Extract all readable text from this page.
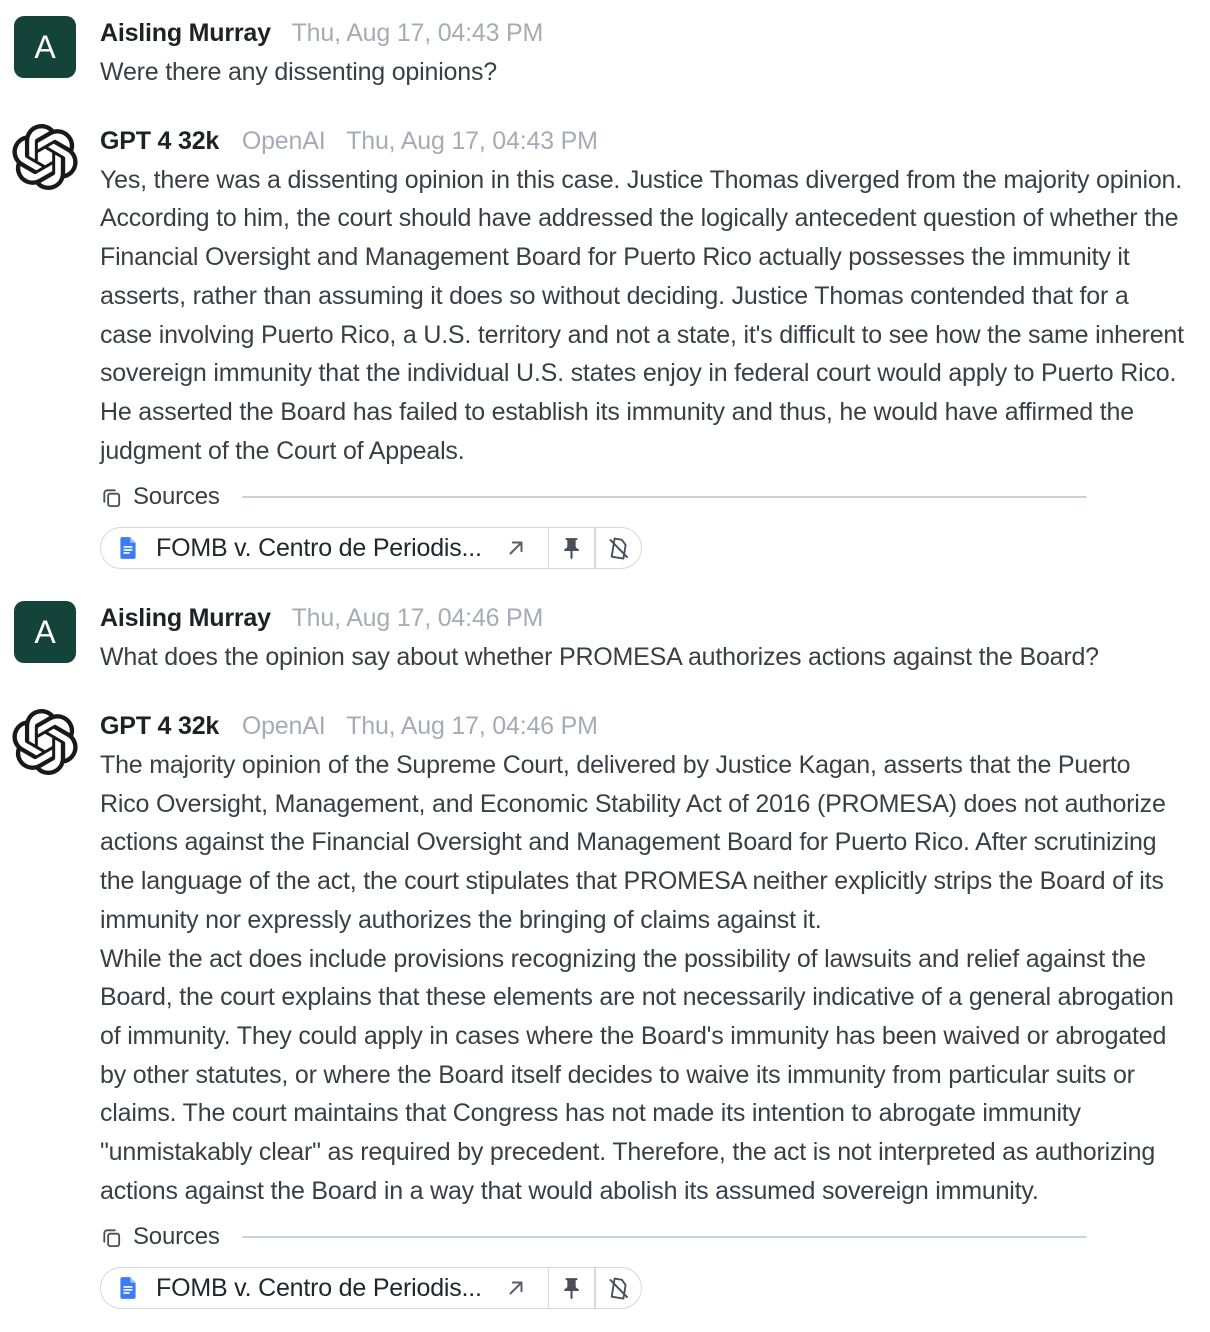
A	Aisling Murray Thu, Aug 17, 04:43 PM

Were there any dissenting opinions?

GPT 4 32k OpenAI Thu, Aug 17, 04:43 PM

Yes, there was a dissenting opinion in this case. Justice Thomas diverged from the majority opinion. According to him, the court should have addressed the logically antecedent question of whether the Financial Oversight and Management Board for Puerto Rico actually possesses the immunity it asserts, rather than assuming it does so without deciding. Justice Thomas contended that for a case involving Puerto Rico, a U.S. territory and not a state, it's difficult to see how the same inherent sovereign immunity that the individual U.S. states enjoy in federal court would apply to Puerto Rico. He asserted the Board has failed to establish its immunity and thus, he would have affirmed the judgment of the Court of Appeals.

Sources
FOMB v. Centro de Periodis...
A	Aisling Murray Thu, Aug 17, 04:46 PM

What does the opinion say about whether PROMESA authorizes actions against the Board?

GPT 4 32k OpenAI Thu, Aug 17, 04:46 PM

The majority opinion of the Supreme Court, delivered by Justice Kagan, asserts that the Puerto Rico Oversight, Management, and Economic Stability Act of 2016 (PROMESA) does not authorize actions against the Financial Oversight and Management Board for Puerto Rico. After scrutinizing the language of the act, the court stipulates that PROMESA neither explicitly strips the Board of its immunity nor expressly authorizes the bringing of claims against it.

While the act does include provisions recognizing the possibility of lawsuits and relief against the Board, the court explains that these elements are not necessarily indicative of a general abrogation of immunity. They could apply in cases where the Board's immunity has been waived or abrogated by other statutes, or where the Board itself decides to waive its immunity from particular suits or claims. The court maintains that Congress has not made its intention to abrogate immunity "unmistakably clear" as required by precedent. Therefore, the act is not interpreted as authorizing actions against the Board in a way that would abolish its assumed sovereign immunity.

Sources
FOMB v. Centro de Periodis...
